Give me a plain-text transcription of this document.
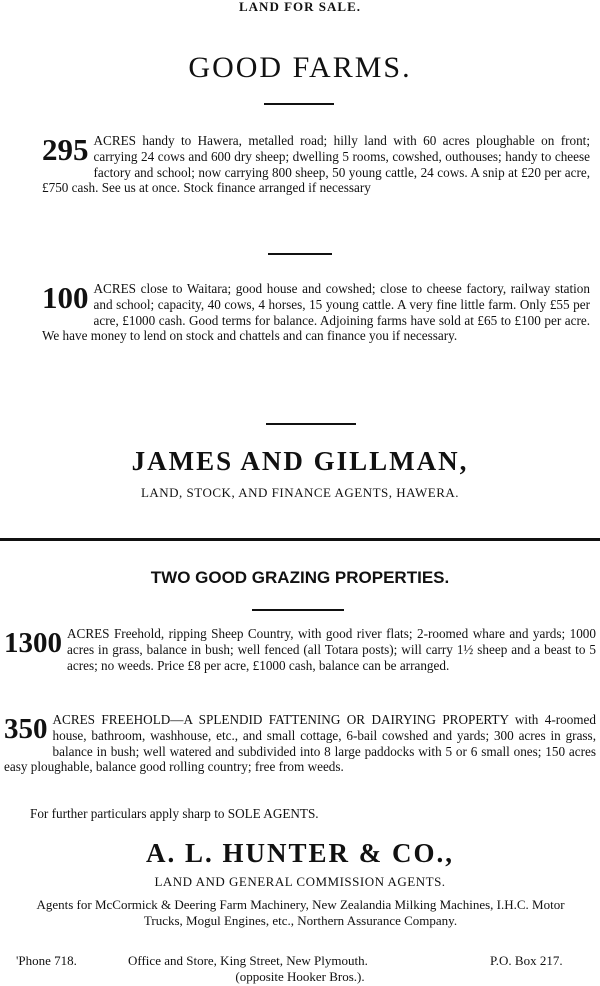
LAND FOR SALE.
GOOD FARMS.
295 ACRES handy to Hawera, metalled road; hilly land with 60 acres ploughable on front; carrying 24 cows and 600 dry sheep; dwelling 5 rooms, cowshed, outhouses; handy to cheese factory and school; now carrying 800 sheep, 50 young cattle, 24 cows. A snip at £20 per acre, £750 cash. See us at once. Stock finance arranged if necessary
100 ACRES close to Waitara; good house and cowshed; close to cheese factory, railway station and school; capacity, 40 cows, 4 horses, 15 young cattle. A very fine little farm. Only £55 per acre, £1000 cash. Good terms for balance. Adjoining farms have sold at £65 to £100 per acre. We have money to lend on stock and chattels and can finance you if necessary.
JAMES AND GILLMAN,
LAND, STOCK, AND FINANCE AGENTS, HAWERA.
TWO GOOD GRAZING PROPERTIES.
1300 ACRES Freehold, ripping Sheep Country, with good river flats; 2-roomed whare and yards; 1000 acres in grass, balance in bush; well fenced (all Totara posts); will carry 1½ sheep and a beast to 5 acres; no weeds. Price £8 per acre, £1000 cash, balance can be arranged.
350 ACRES FREEHOLD—A SPLENDID FATTENING OR DAIRYING PROPERTY with 4-roomed house, bathroom, washhouse, etc., and small cottage, 6-bail cowshed and yards; 300 acres in grass, balance in bush; well watered and subdivided into 8 large paddocks with 5 or 6 small ones; 150 acres easy ploughable, balance good rolling country; free from weeds.
For further particulars apply sharp to SOLE AGENTS.
A. L. HUNTER & CO.,
LAND AND GENERAL COMMISSION AGENTS.
Agents for McCormick & Deering Farm Machinery, New Zealandia Milking Machines, I.H.C. Motor Trucks, Mogul Engines, etc., Northern Assurance Company.
'Phone 718.	Office and Store, King Street, New Plymouth.	P.O. Box 217.
(opposite Hooker Bros.).
